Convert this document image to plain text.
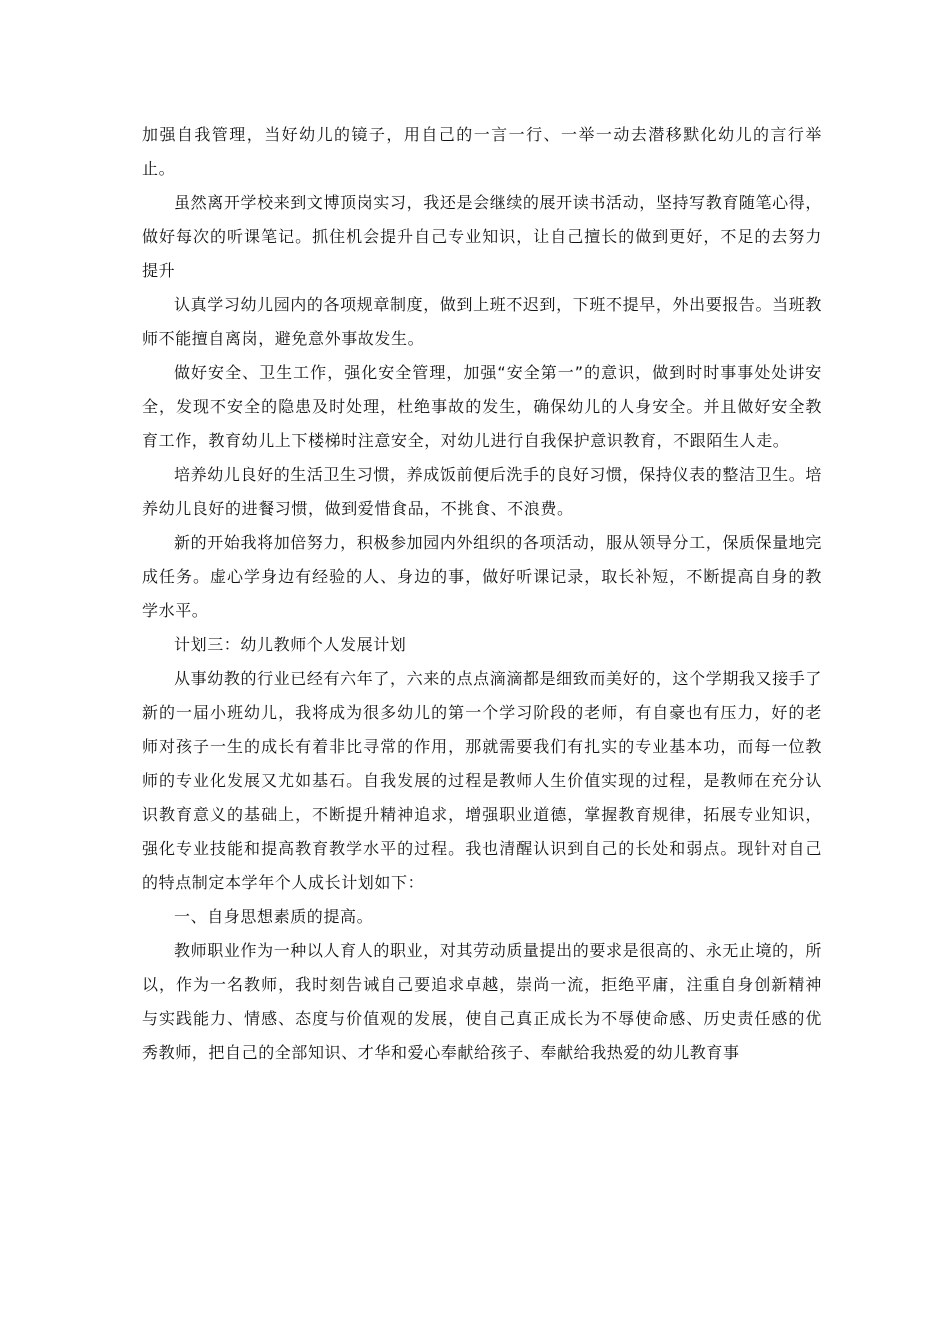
加强自我管理，当好幼儿的镜子，用自己的一言一行、一举一动去潜移默化幼儿的言行举止。

虽然离开学校来到文博顶岗实习，我还是会继续的展开读书活动，坚持写教育随笔心得，做好每次的听课笔记。抓住机会提升自己专业知识，让自己擅长的做到更好，不足的去努力提升

认真学习幼儿园内的各项规章制度，做到上班不迟到，下班不提早，外出要报告。当班教师不能擅自离岗，避免意外事故发生。

做好安全、卫生工作，强化安全管理，加强“安全第一”的意识，做到时时事事处处讲安全，发现不安全的隐患及时处理，杜绝事故的发生，确保幼儿的人身安全。并且做好安全教育工作，教育幼儿上下楼梯时注意安全，对幼儿进行自我保护意识教育，不跟陌生人走。

培养幼儿良好的生活卫生习惯，养成饭前便后洗手的良好习惯，保持仪表的整洁卫生。培养幼儿良好的进餐习惯，做到爱惜食品，不挑食、不浪费。

新的开始我将加倍努力，积极参加园内外组织的各项活动，服从领导分工，保质保量地完成任务。虚心学身边有经验的人、身边的事，做好听课记录，取长补短，不断提高自身的教学水平。

计划三：幼儿教师个人发展计划

从事幼教的行业已经有六年了，六来的点点滴滴都是细致而美好的，这个学期我又接手了新的一届小班幼儿，我将成为很多幼儿的第一个学习阶段的老师，有自豪也有压力，好的老师对孩子一生的成长有着非比寻常的作用，那就需要我们有扎实的专业基本功，而每一位教师的专业化发展又尤如基石。自我发展的过程是教师人生价值实现的过程，是教师在充分认识教育意义的基础上，不断提升精神追求，增强职业道德，掌握教育规律，拓展专业知识，强化专业技能和提高教育教学水平的过程。我也清醒认识到自己的长处和弱点。现针对自己的特点制定本学年个人成长计划如下：

一、自身思想素质的提高。

教师职业作为一种以人育人的职业，对其劳动质量提出的要求是很高的、永无止境的，所以，作为一名教师，我时刻告诫自己要追求卓越，崇尚一流，拒绝平庸，注重自身创新精神与实践能力、情感、态度与价值观的发展，使自己真正成长为不辱使命感、历史责任感的优秀教师，把自己的全部知识、才华和爱心奉献给孩子、奉献给我热爱的幼儿教育事
